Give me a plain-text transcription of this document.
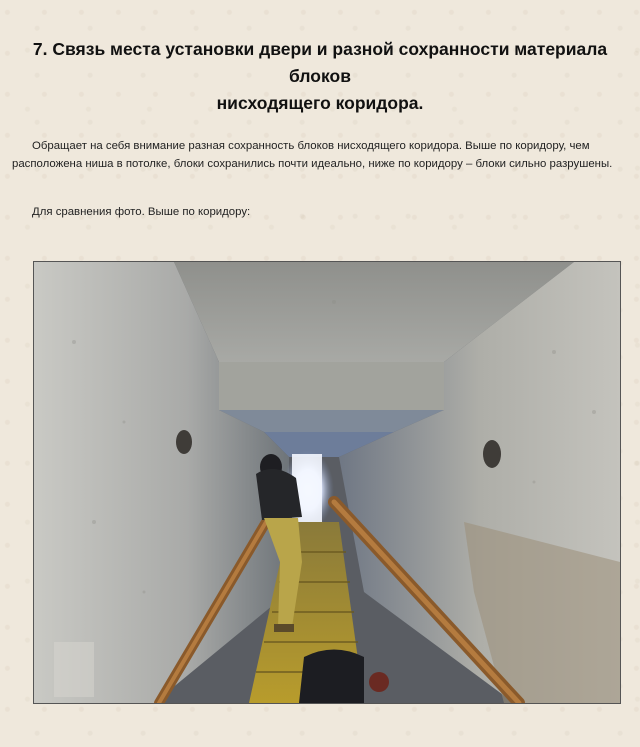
7. Связь места установки двери и разной сохранности материала блоков
нисходящего коридора.
Обращает на себя внимание разная сохранность блоков нисходящего коридора. Выше по коридору, чем расположена ниша в потолке, блоки сохранились почти идеально, ниже по коридору – блоки сильно разрушены.
Для сравнения фото. Выше по коридору:
